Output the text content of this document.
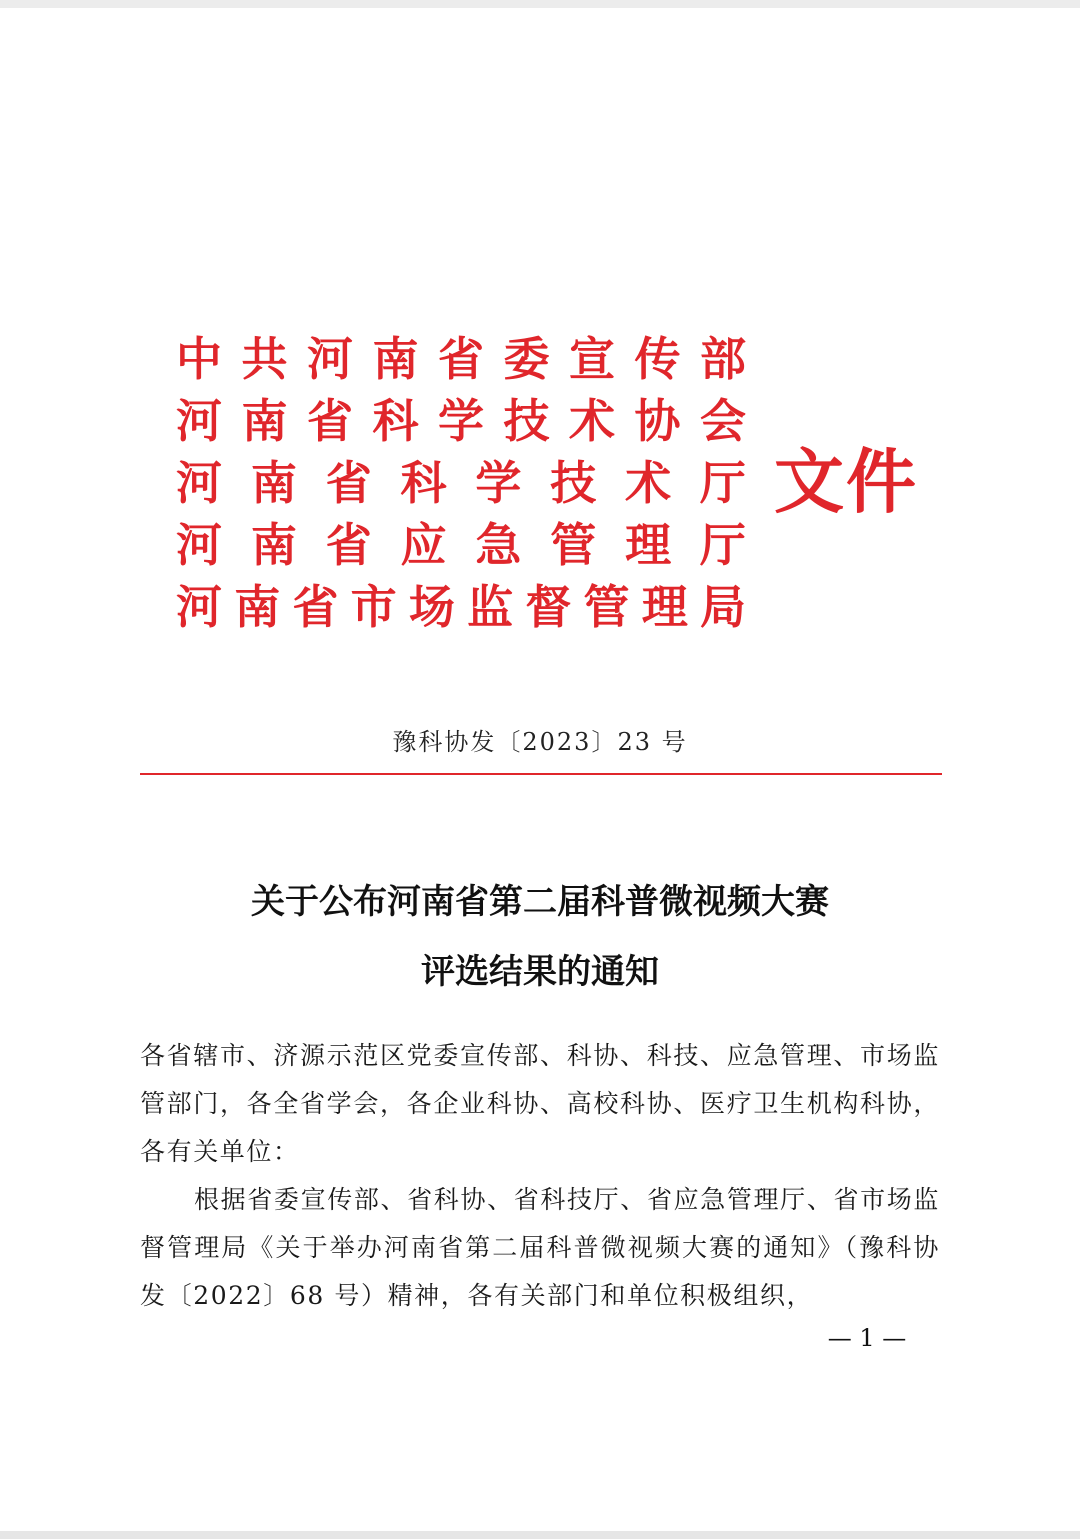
中 共 河 南 省 委 宣 传 部
河 南 省 科 学 技 术 协 会
河 南 省 科 学 技 术 厅
河 南 省 应 急 管 理 厅
河 南 省 市 场 监 督 管 理 局
文件
豫科协发〔2023〕23 号
关于公布河南省第二届科普微视频大赛
评选结果的通知
各省辖市、济源示范区党委宣传部、科协、科技、应急管理、市场监管部门，各全省学会，各企业科协、高校科协、医疗卫生机构科协，各有关单位：
根据省委宣传部、省科协、省科技厅、省应急管理厅、省市场监督管理局《关于举办河南省第二届科普微视频大赛的通知》（豫科协发〔2022〕68 号）精神，各有关部门和单位积极组织，
— 1 —
